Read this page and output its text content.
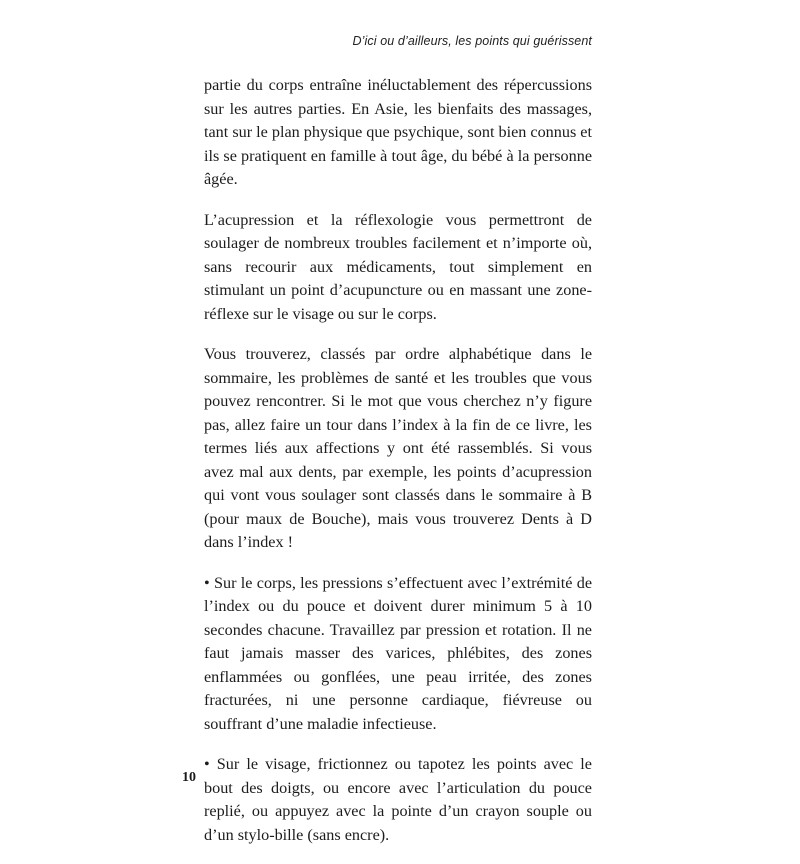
D’ici ou d’ailleurs, les points qui guérissent

partie du corps entraîne inéluctablement des répercussions sur les autres parties. En Asie, les bienfaits des massages, tant sur le plan physique que psychique, sont bien connus et ils se pratiquent en famille à tout âge, du bébé à la personne âgée.

L’acupression et la réflexologie vous permettront de soulager de nombreux troubles facilement et n’importe où, sans recourir aux médicaments, tout simplement en stimulant un point d’acupuncture ou en massant une zone-réflexe sur le visage ou sur le corps.

Vous trouverez, classés par ordre alphabétique dans le sommaire, les problèmes de santé et les troubles que vous pouvez rencontrer. Si le mot que vous cherchez n’y figure pas, allez faire un tour dans l’index à la fin de ce livre, les termes liés aux affections y ont été rassemblés. Si vous avez mal aux dents, par exemple, les points d’acupression qui vont vous soulager sont classés dans le sommaire à B (pour maux de Bouche), mais vous trouverez Dents à D dans l’index !

• Sur le corps, les pressions s’effectuent avec l’extrémité de l’index ou du pouce et doivent durer minimum 5 à 10 secondes chacune. Travaillez par pression et rotation. Il ne faut jamais masser des varices, phlébites, des zones enflammées ou gonflées, une peau irritée, des zones fracturées, ni une personne cardiaque, fiévreuse ou souffrant d’une maladie infectieuse.

• Sur le visage, frictionnez ou tapotez les points avec le bout des doigts, ou encore avec l’articulation du pouce replié, ou appuyez avec la pointe d’un crayon souple ou d’un stylo-bille (sans encre).

10
